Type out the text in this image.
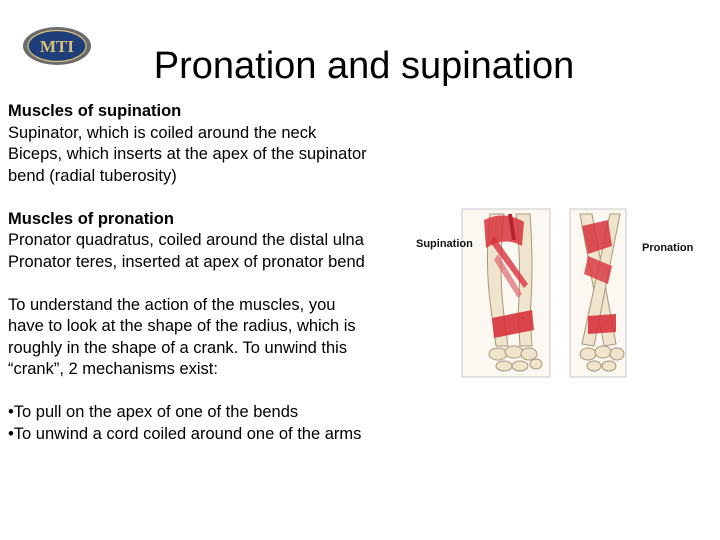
MTI	Pronation and supination

Muscles of supination

Supinator, which is coiled around the neck

Biceps, which inserts at the apex of the supinator

bend (radial tuberosity)

Muscles of pronation

Pronator quadratus, coiled around the distal ulna

Pronator teres, inserted at apex of pronator bend

To understand the action of the muscles, you

have to look at the shape of the radius, which is

roughly in the shape of a crank. To unwind this

“crank”, 2 mechanisms exist:

•To pull on the apex of one of the bends

•To unwind a cord coiled around one of the arms

Supination	Pronation
